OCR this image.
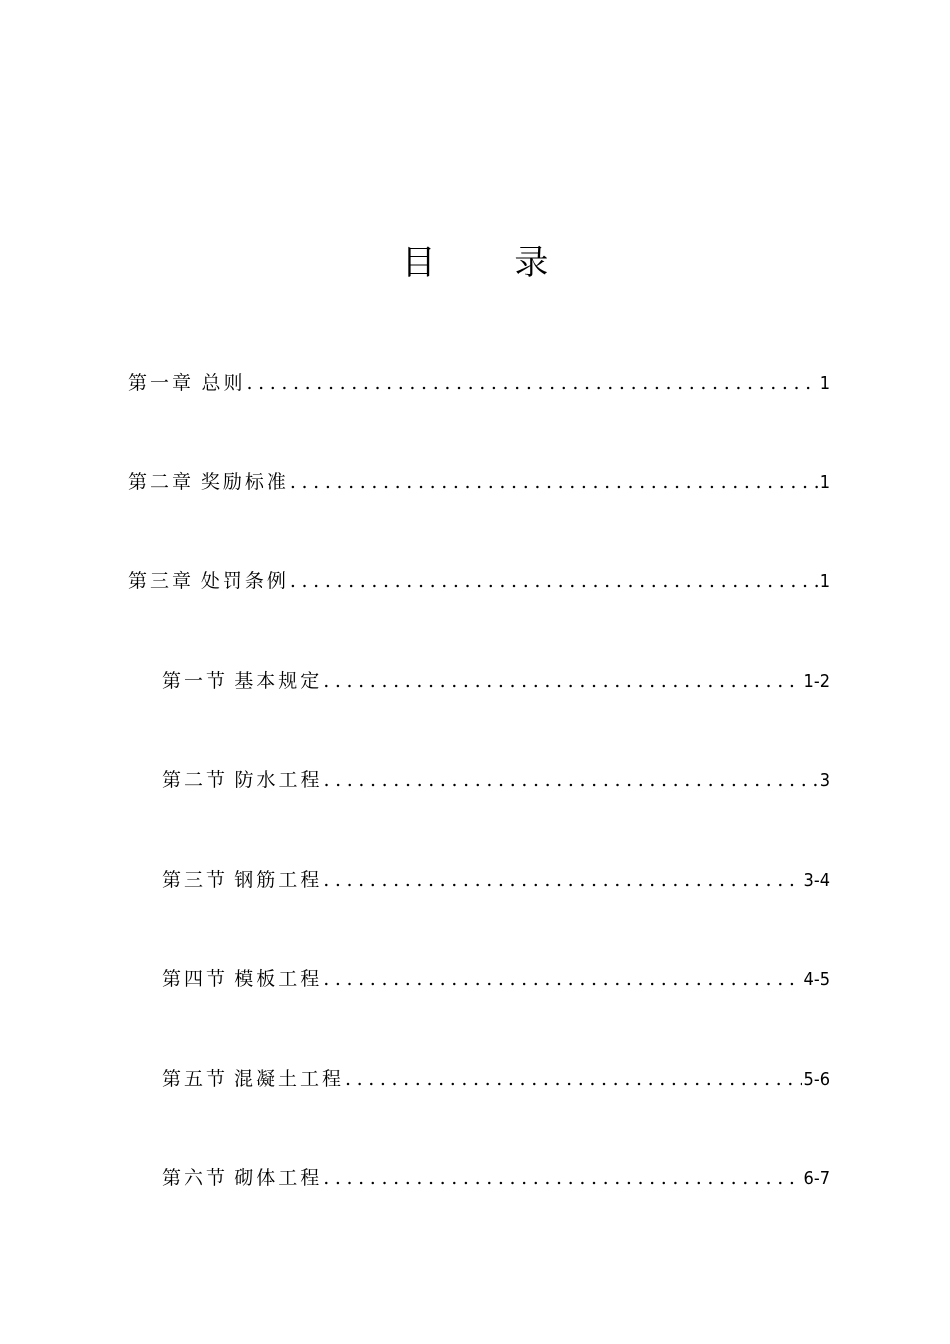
目 录
第一章 总则 .....	1
第二章 奖励标准 .....	1
第三章 处罚条例 .....	1
第一节 基本规定 .....	1-2
第二节 防水工程 .....	3
第三节 钢筋工程 .....	3-4
第四节 模板工程 .....	4-5
第五节 混凝土工程 .....	5-6
第六节 砌体工程 .....	6-7
